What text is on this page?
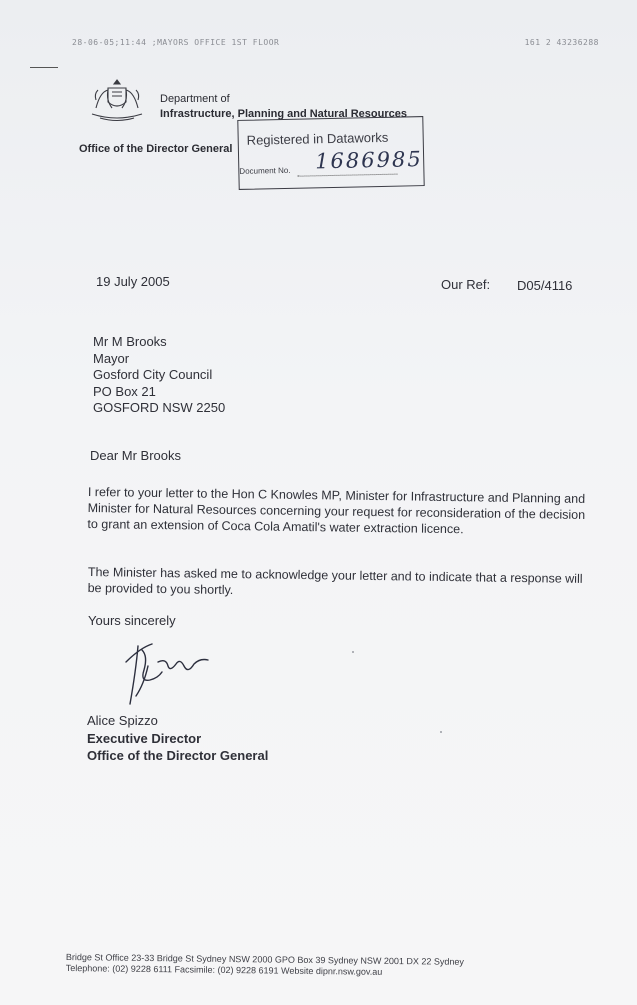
28-06-05;11:44 ;MAYORS OFFICE 1ST FLOOR	161 2 43236288
Department of
Infrastructure, Planning and Natural Resources
Office of the Director General
Registered in Dataworks
Document No. 1686985
19 July 2005	Our Ref: D05/4116
Mr M Brooks
Mayor
Gosford City Council
PO Box 21
GOSFORD NSW 2250
Dear Mr Brooks
I refer to your letter to the Hon C Knowles MP, Minister for Infrastructure and Planning and Minister for Natural Resources concerning your request for reconsideration of the decision to grant an extension of Coca Cola Amatil's water extraction licence.
The Minister has asked me to acknowledge your letter and to indicate that a response will be provided to you shortly.
Yours sincerely
Alice Spizzo
Executive Director
Office of the Director General
Bridge St Office 23-33 Bridge St Sydney NSW 2000 GPO Box 39 Sydney NSW 2001 DX 22 Sydney
Telephone: (02) 9228 6111 Facsimile: (02) 9228 6191 Website dipnr.nsw.gov.au
